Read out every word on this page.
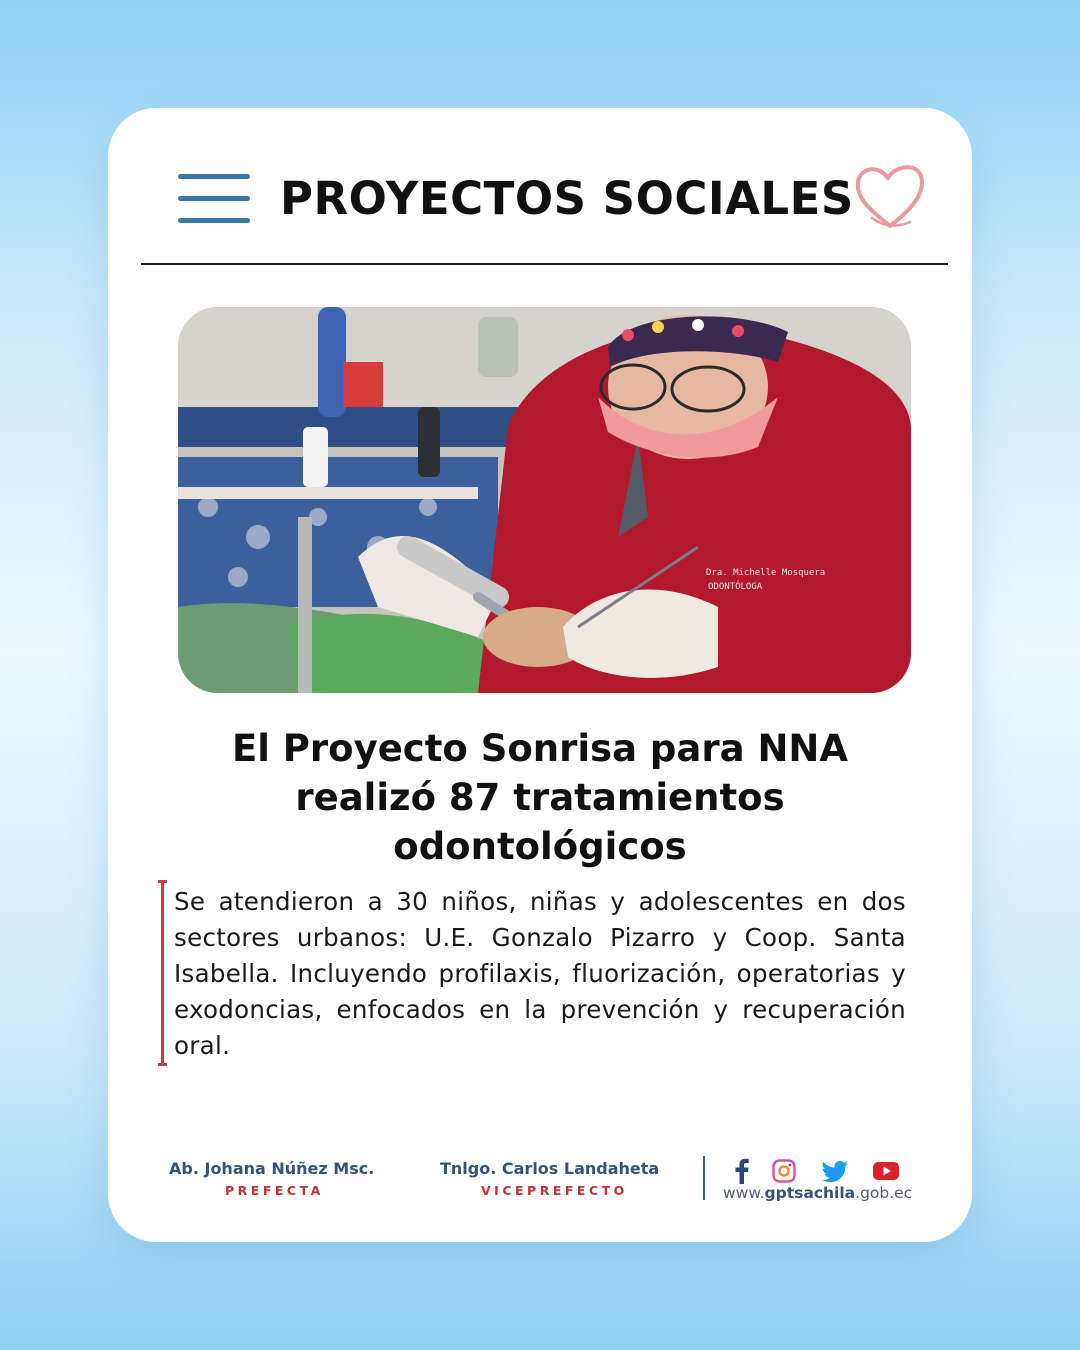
PROYECTOS SOCIALES
Dra. Michelle Mosquera
ODONTÓLOGA
El Proyecto Sonrisa para NNA
realizó 87 tratamientos
odontológicos

Se atendieron a 30 niños, niñas y adolescentes en dos sectores urbanos: U.E. Gonzalo Pizarro y Coop. Santa Isabella. Incluyendo profilaxis, fluorización, operatorias y exodoncias, enfocados en la prevención y recuperación oral.

Ab. Johana Núñez Msc.
PREFECTA
Tnlgo. Carlos Landaheta
VICEPREFECTO	www.gptsachila.gob.ec
